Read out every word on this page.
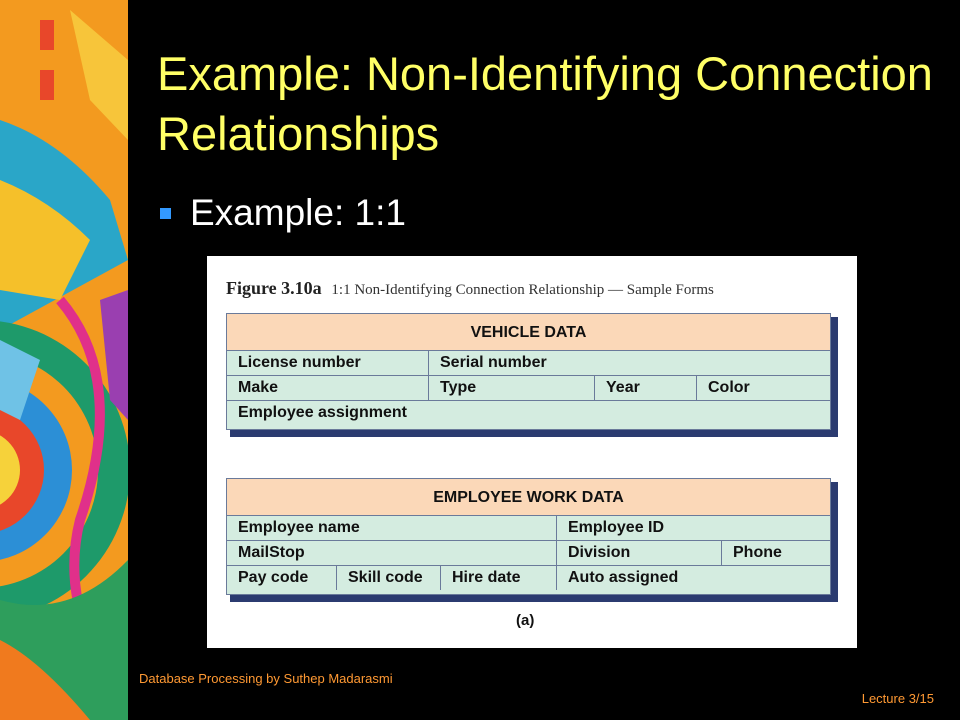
Example: Non-Identifying Connection Relationships
Example: 1:1
Figure 3.10a 1:1 Non-Identifying Connection Relationship — Sample Forms
VEHICLE DATA
License number	Serial number
Make	Type	Year	Color
Employee assignment
EMPLOYEE WORK DATA
Employee name	Employee ID
MailStop	Division	Phone
Pay code	Skill code	Hire date	Auto assigned
(a)
Database Processing by Suthep Madarasmi
Lecture 3/15
